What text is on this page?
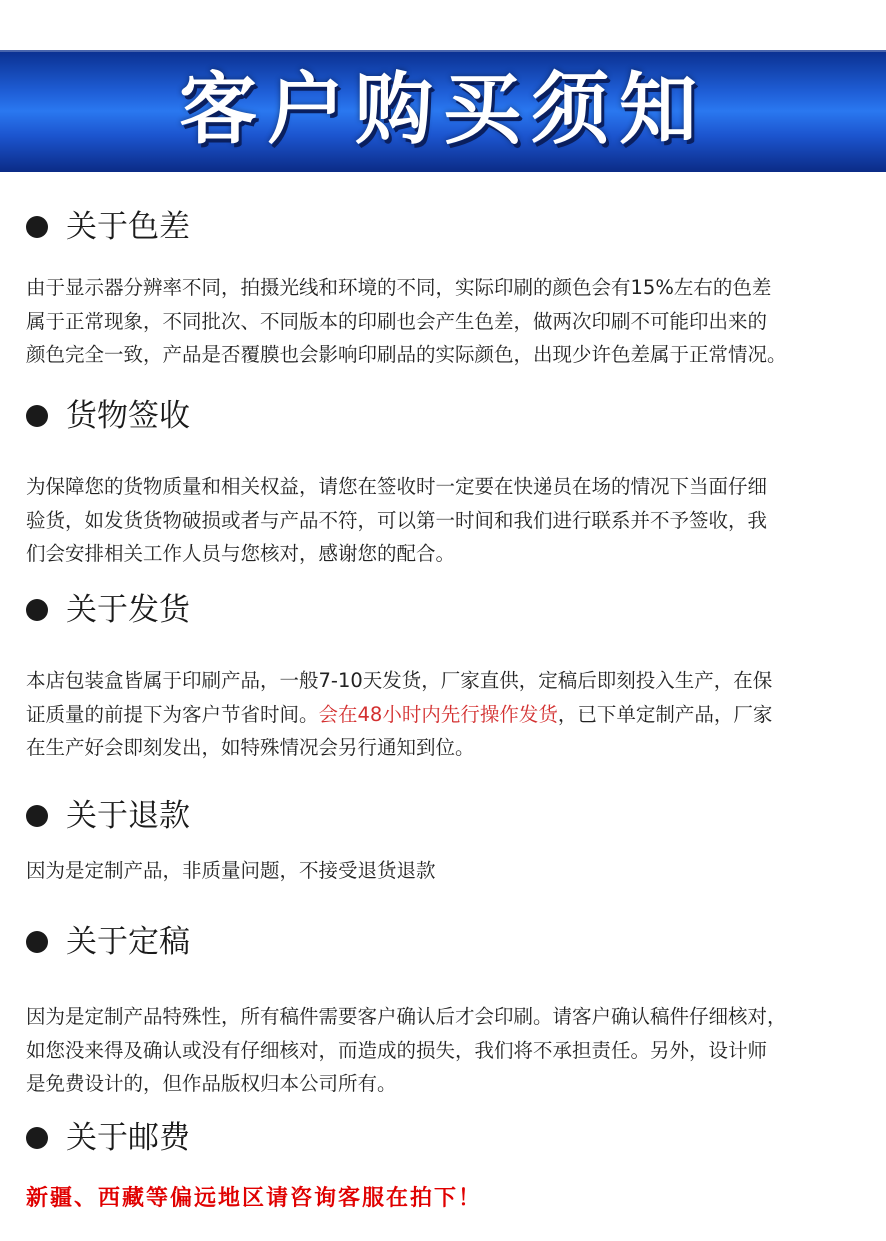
客户购买须知
关于色差

由于显示器分辨率不同，拍摄光线和环境的不同，实际印刷的颜色会有15%左右的色差

属于正常现象，不同批次、不同版本的印刷也会产生色差，做两次印刷不可能印出来的

颜色完全一致，产品是否覆膜也会影响印刷品的实际颜色，出现少许色差属于正常情况。

货物签收

为保障您的货物质量和相关权益，请您在签收时一定要在快递员在场的情况下当面仔细

验货，如发货货物破损或者与产品不符，可以第一时间和我们进行联系并不予签收，我

们会安排相关工作人员与您核对，感谢您的配合。

关于发货

本店包装盒皆属于印刷产品，一般7-10天发货，厂家直供，定稿后即刻投入生产，在保

证质量的前提下为客户节省时间。会在48小时内先行操作发货，已下单定制产品，厂家

在生产好会即刻发出，如特殊情况会另行通知到位。

关于退款

因为是定制产品，非质量问题，不接受退货退款

关于定稿

因为是定制产品特殊性，所有稿件需要客户确认后才会印刷。请客户确认稿件仔细核对，

如您没来得及确认或没有仔细核对，而造成的损失，我们将不承担责任。另外，设计师

是免费设计的，但作品版权归本公司所有。

关于邮费

新疆、西藏等偏远地区请咨询客服在拍下！
